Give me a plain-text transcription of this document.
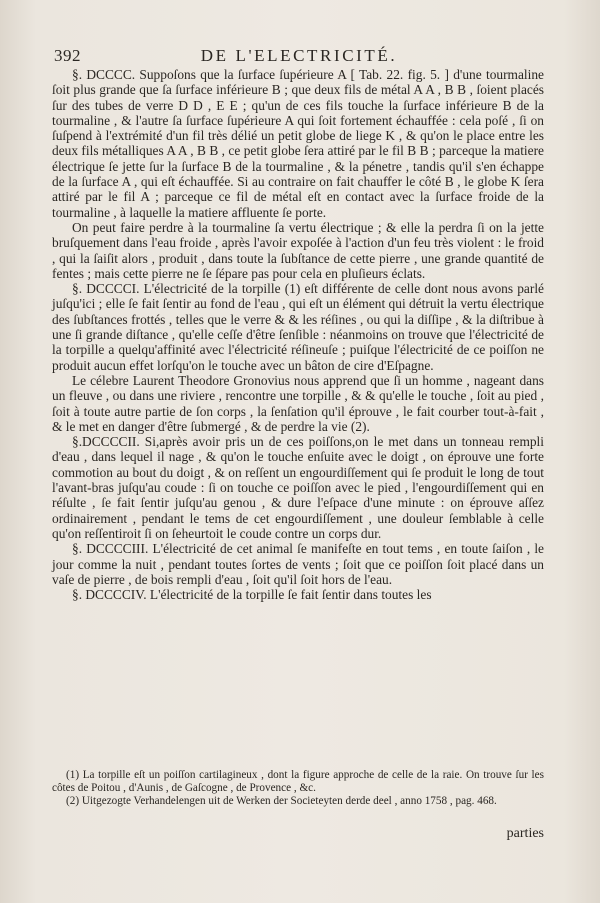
392	DE L'ELECTRICITÉ.

§. DCCCC. Suppoſons que la ſurface ſupérieure A [ Tab. 22. fig. 5. ] d'une tourmaline ſoit plus grande que ſa ſurface inférieure B ; que deux fils de métal A A , B B , ſoient placés ſur des tubes de verre D D , E E ; qu'un de ces fils touche la ſurface inférieure B de la tourmaline , & l'autre ſa ſurface ſupérieure A qui ſoit fortement échauffée : cela poſé , ſi on ſuſpend à l'extrémité d'un fil très délié un petit globe de liege K , & qu'on le place entre les deux fils métalliques A A , B B , ce petit globe ſera attiré par le fil B B ; parceque la matiere électrique ſe jette ſur la ſurface B de la tourmaline , & la pénetre , tandis qu'il s'en échappe de la ſurface A , qui eſt échauffée. Si au contraire on fait chauffer le côté B , le globe K ſera attiré par le fil A ; parceque ce fil de métal eſt en contact avec la ſurface froide de la tourmaline , à laquelle la matiere affluente ſe porte.

On peut faire perdre à la tourmaline ſa vertu électrique ; & elle la perdra ſi on la jette bruſquement dans l'eau froide , après l'avoir expoſée à l'action d'un feu très violent : le froid , qui la ſaiſit alors , produit , dans toute la ſubſtance de cette pierre , une grande quantité de fentes ; mais cette pierre ne ſe ſépare pas pour cela en pluſieurs éclats.

§. DCCCCI. L'électricité de la torpille (1) eſt différente de celle dont nous avons parlé juſqu'ici ; elle ſe fait ſentir au fond de l'eau , qui eſt un élément qui détruit la vertu électrique des ſubſtances frottés , telles que le verre & & les réſines , ou qui la diſſipe , & la diſtribue à une ſi grande diſtance , qu'elle ceſſe d'être ſenſible : néanmoins on trouve que l'électricité de la torpille a quelqu'affinité avec l'électricité réſineuſe ; puiſque l'électricité de ce poiſſon ne produit aucun effet lorſqu'on le touche avec un bâton de cire d'Eſpagne.

Le célebre Laurent Theodore Gronovius nous apprend que ſi un homme , nageant dans un fleuve , ou dans une riviere , rencontre une torpille , & & qu'elle le touche , ſoit au pied , ſoit à toute autre partie de ſon corps , la ſenſation qu'il éprouve , le fait courber tout-à-fait , & le met en danger d'être ſubmergé , & de perdre la vie (2).

§.DCCCCII. Si,après avoir pris un de ces poiſſons,on le met dans un tonneau rempli d'eau , dans lequel il nage , & qu'on le touche enſuite avec le doigt , on éprouve une forte commotion au bout du doigt , & on reſſent un engourdiſſement qui ſe produit le long de tout l'avant-bras juſqu'au coude : ſi on touche ce poiſſon avec le pied , l'engourdiſſement qui en réſulte , ſe fait ſentir juſqu'au genou , & dure l'eſpace d'une minute : on éprouve aſſez ordinairement , pendant le tems de cet engourdiſſement , une douleur ſemblable à celle qu'on reſſentiroit ſi on ſeheurtoit le coude contre un corps dur.

§. DCCCCIII. L'électricité de cet animal ſe manifeſte en tout tems , en toute ſaiſon , le jour comme la nuit , pendant toutes ſortes de vents ; ſoit que ce poiſſon ſoit placé dans un vaſe de pierre , de bois rempli d'eau , ſoit qu'il ſoit hors de l'eau.

§. DCCCCIV. L'électricité de la torpille ſe fait ſentir dans toutes les

(1) La torpille eſt un poiſſon cartilagineux , dont la figure approche de celle de la raie. On trouve ſur les côtes de Poitou , d'Aunis , de Gaſcogne , de Provence , &c.

(2) Uitgezogte Verhandelengen uit de Werken der Societeyten derde deel , anno 1758 , pag. 468.

parties
